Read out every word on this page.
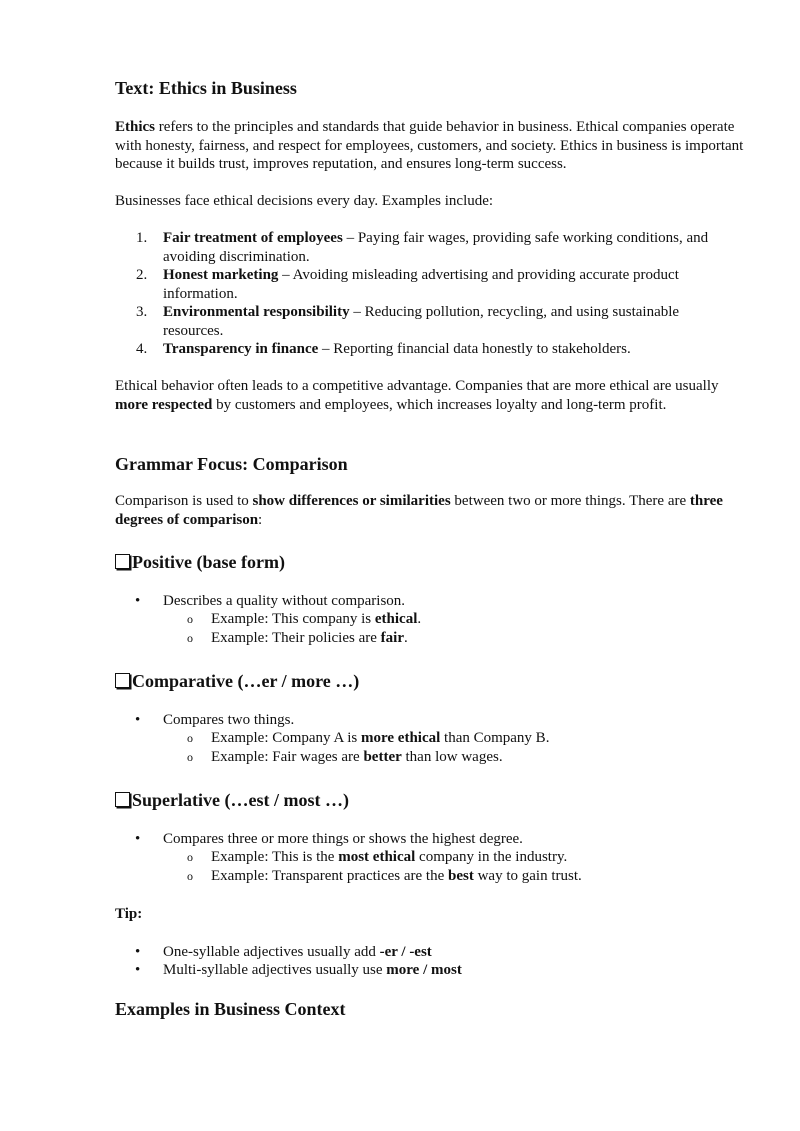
Text: Ethics in Business

Ethics refers to the principles and standards that guide behavior in business. Ethical companies operate with honesty, fairness, and respect for employees, customers, and society. Ethics in business is important because it builds trust, improves reputation, and ensures long-term success.

Businesses face ethical decisions every day. Examples include:

1. Fair treatment of employees – Paying fair wages, providing safe working conditions, and avoiding discrimination.
2. Honest marketing – Avoiding misleading advertising and providing accurate product information.
3. Environmental responsibility – Reducing pollution, recycling, and using sustainable resources.
4. Transparency in finance – Reporting financial data honestly to stakeholders.

Ethical behavior often leads to a competitive advantage. Companies that are more ethical are usually more respected by customers and employees, which increases loyalty and long-term profit.

Grammar Focus: Comparison

Comparison is used to show differences or similarities between two or more things. There are three degrees of comparison:

Positive (base form)
• Describes a quality without comparison.
o Example: This company is ethical.
o Example: Their policies are fair.
Comparative (…er / more …)
• Compares two things.
o Example: Company A is more ethical than Company B.
o Example: Fair wages are better than low wages.
Superlative (…est / most …)
• Compares three or more things or shows the highest degree.
o Example: This is the most ethical company in the industry.
o Example: Transparent practices are the best way to gain trust.

Tip:

• One-syllable adjectives usually add -er / -est
• Multi-syllable adjectives usually use more / most
Examples in Business Context
